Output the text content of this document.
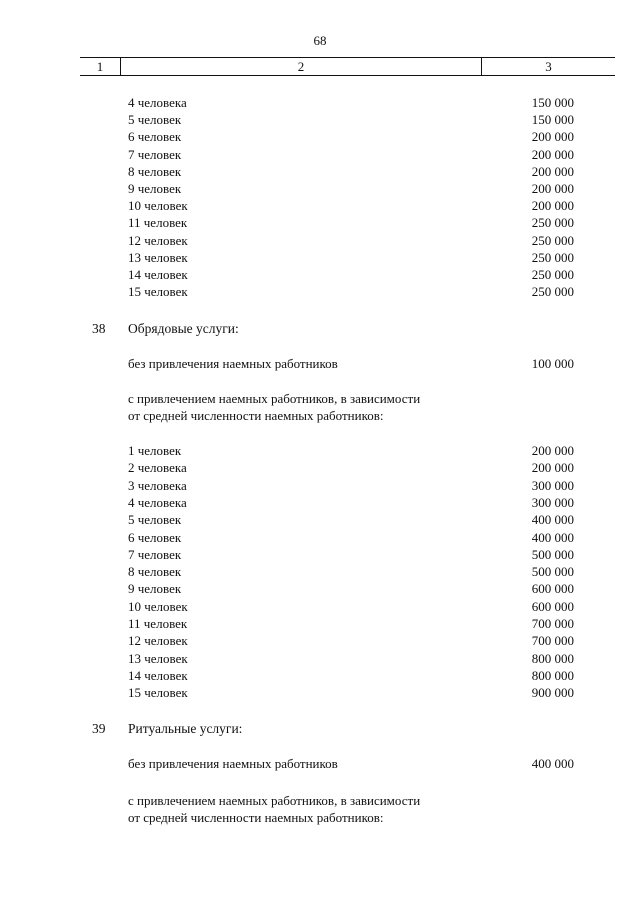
68
1	2	3
4 человека	150 000
5 человек	150 000
6 человек	200 000
7 человек	200 000
8 человек	200 000
9 человек	200 000
10 человек	200 000
11 человек	250 000
12 человек	250 000
13 человек	250 000
14 человек	250 000
15 человек	250 000
38 Обрядовые услуги:
без привлечения наемных работников	100 000
с привлечением наемных работников, в зависимости
от средней численности наемных работников:
1 человек	200 000
2 человека	200 000
3 человека	300 000
4 человека	300 000
5 человек	400 000
6 человек	400 000
7 человек	500 000
8 человек	500 000
9 человек	600 000
10 человек	600 000
11 человек	700 000
12 человек	700 000
13 человек	800 000
14 человек	800 000
15 человек	900 000
39 Ритуальные услуги:
без привлечения наемных работников	400 000
с привлечением наемных работников, в зависимости
от средней численности наемных работников:
